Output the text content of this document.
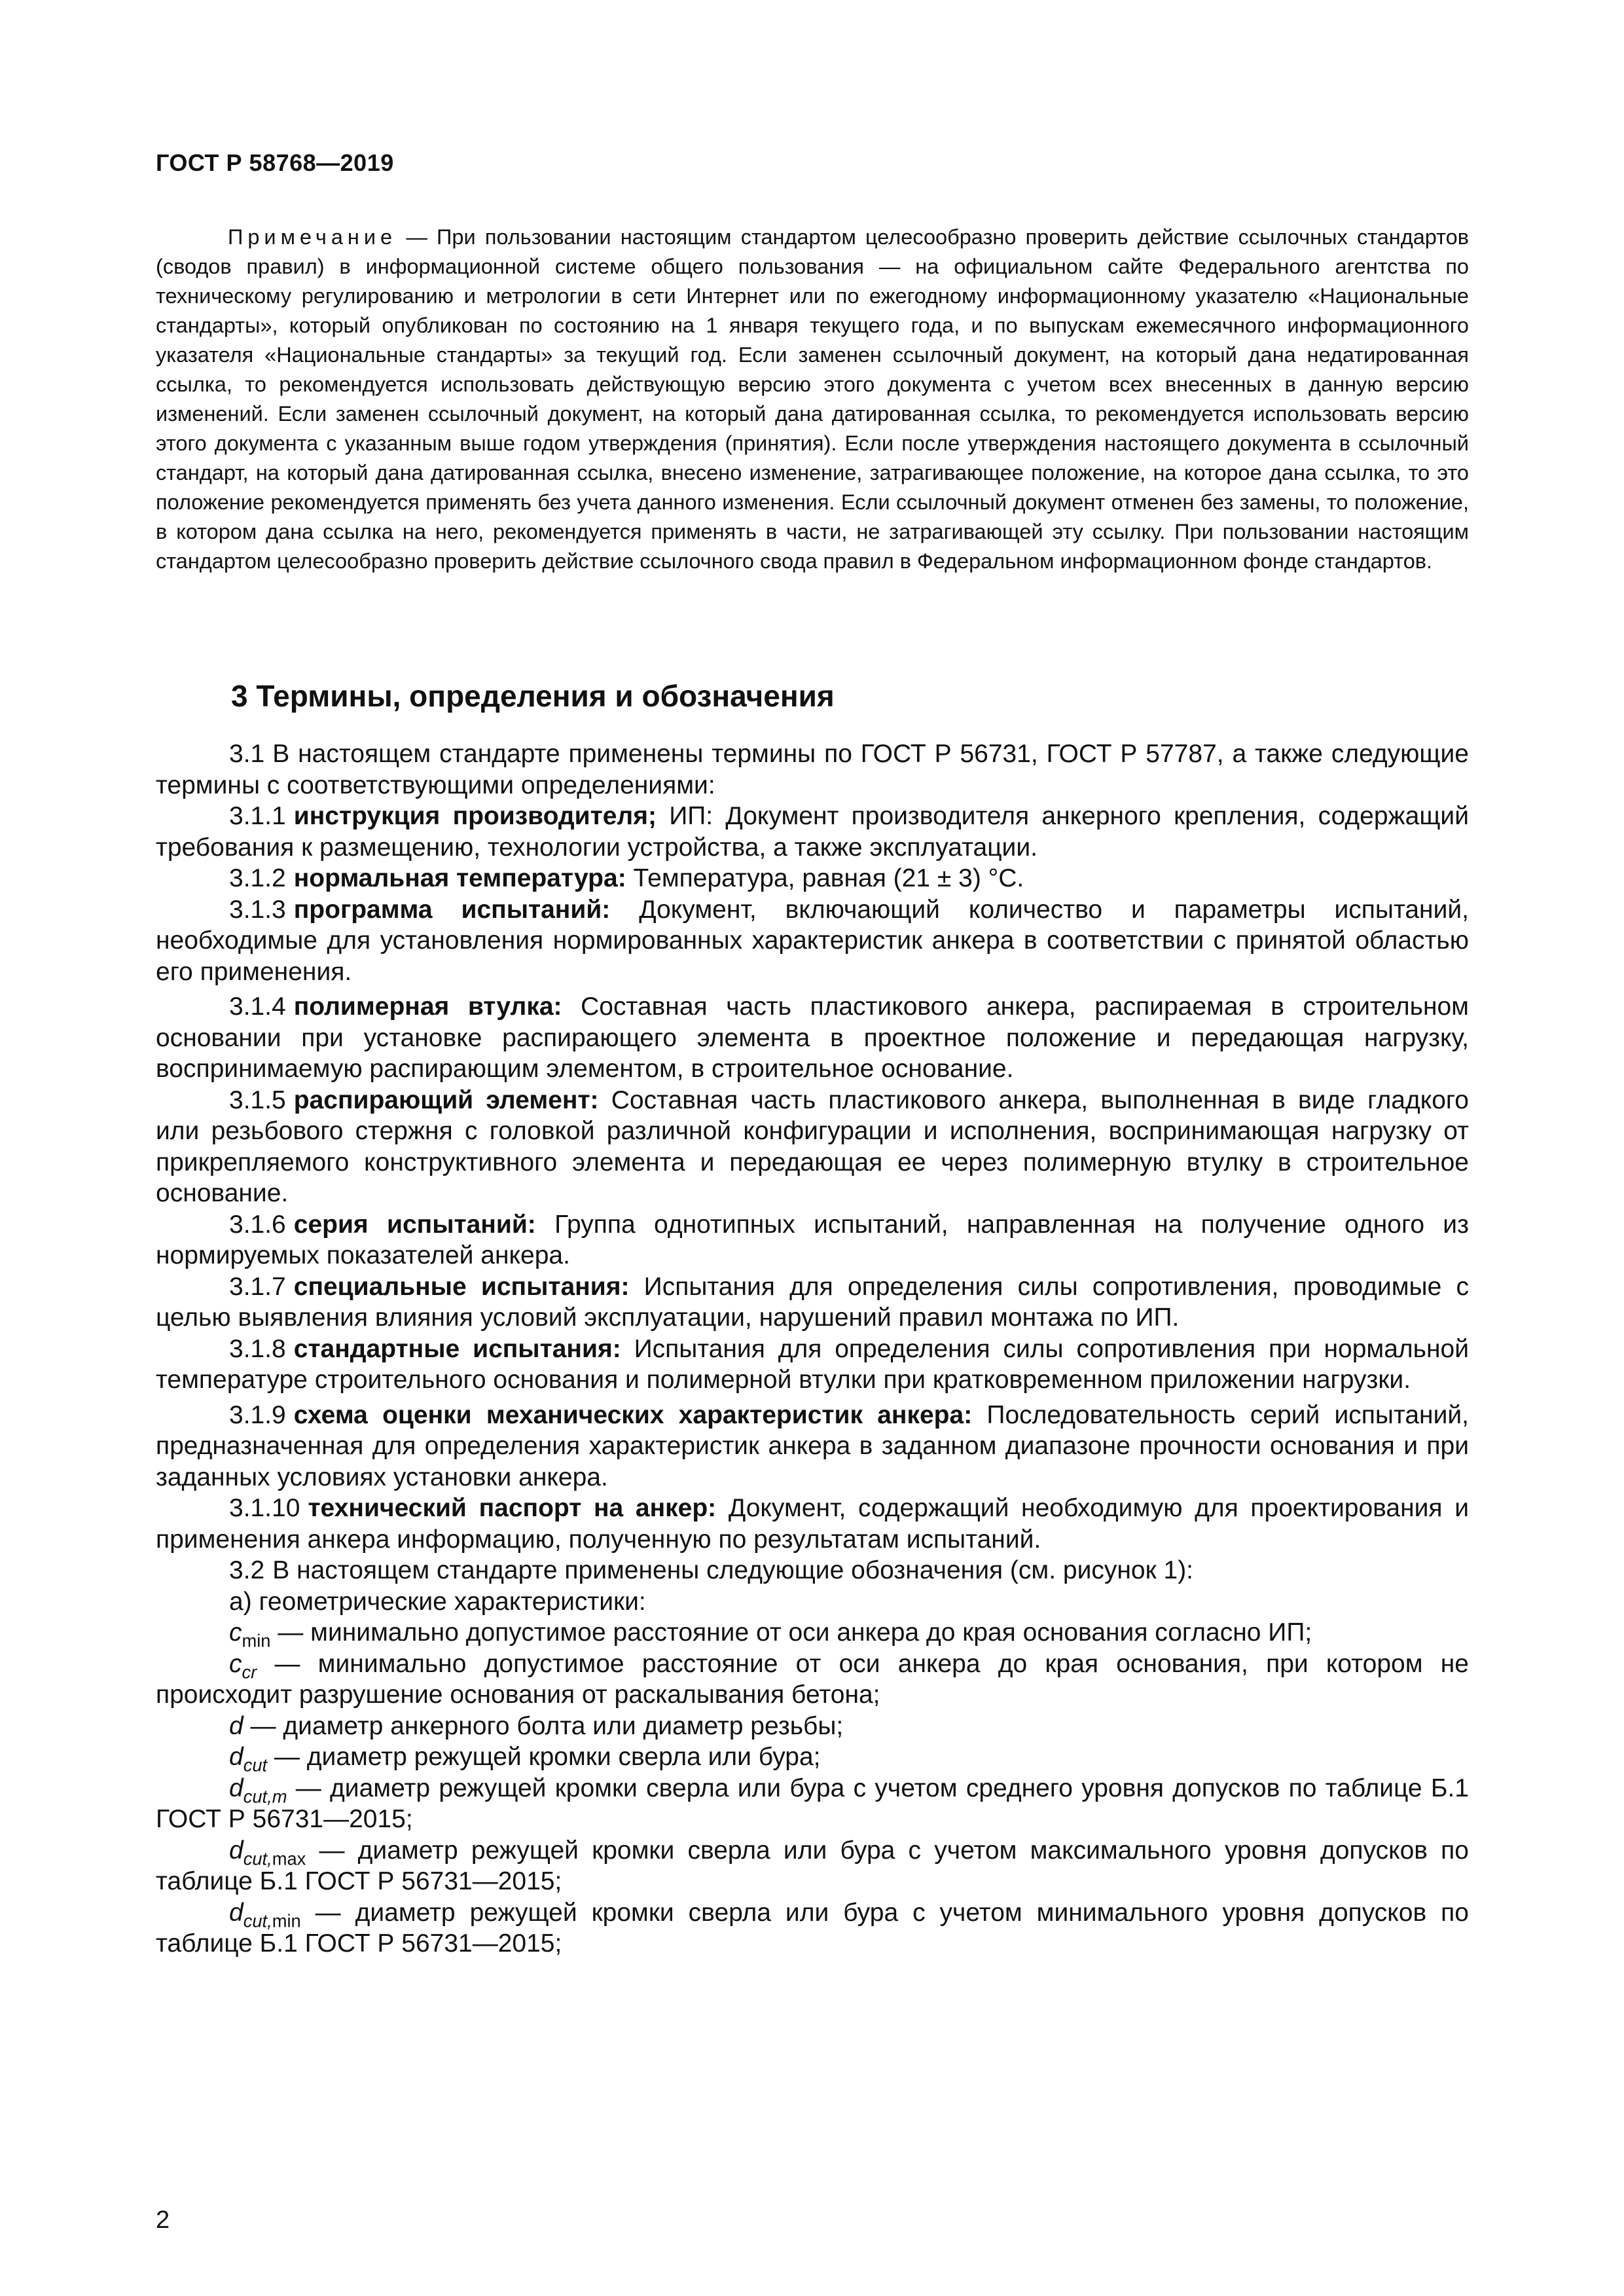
ГОСТ Р 58768—2019

Примечание — При пользовании настоящим стандартом целесообразно проверить действие ссылочных стандартов (сводов правил) в информационной системе общего пользования — на официальном сайте Федерального агентства по техническому регулированию и метрологии в сети Интернет или по ежегодному информационному указателю «Национальные стандарты», который опубликован по состоянию на 1 января текущего года, и по выпускам ежемесячного информационного указателя «Национальные стандарты» за текущий год. Если заменен ссылочный документ, на который дана недатированная ссылка, то рекомендуется использовать действующую версию этого документа с учетом всех внесенных в данную версию изменений. Если заменен ссылочный документ, на который дана датированная ссылка, то рекомендуется использовать версию этого документа с указанным выше годом утверждения (принятия). Если после утверждения настоящего документа в ссылочный стандарт, на который дана датированная ссылка, внесено изменение, затрагивающее положение, на которое дана ссылка, то это положение рекомендуется применять без учета данного изменения. Если ссылочный документ отменен без замены, то положение, в котором дана ссылка на него, рекомендуется применять в части, не затрагивающей эту ссылку. При пользовании настоящим стандартом целесообразно проверить действие ссылочного свода правил в Федеральном информационном фонде стандартов.

3 Термины, определения и обозначения

3.1 В настоящем стандарте применены термины по ГОСТ Р 56731, ГОСТ Р 57787, а также следующие термины с соответствующими определениями:

3.1.1 инструкция производителя; ИП: Документ производителя анкерного крепления, содержащий требования к размещению, технологии устройства, а также эксплуатации.

3.1.2 нормальная температура: Температура, равная (21 ± 3) °С.

3.1.3 программа испытаний: Документ, включающий количество и параметры испытаний, необходимые для установления нормированных характеристик анкера в соответствии с принятой областью его применения.

3.1.4 полимерная втулка: Составная часть пластикового анкера, распираемая в строительном основании при установке распирающего элемента в проектное положение и передающая нагрузку, воспринимаемую распирающим элементом, в строительное основание.

3.1.5 распирающий элемент: Составная часть пластикового анкера, выполненная в виде гладкого или резьбового стержня с головкой различной конфигурации и исполнения, воспринимающая нагрузку от прикрепляемого конструктивного элемента и передающая ее через полимерную втулку в строительное основание.

3.1.6 серия испытаний: Группа однотипных испытаний, направленная на получение одного из нормируемых показателей анкера.

3.1.7 специальные испытания: Испытания для определения силы сопротивления, проводимые с целью выявления влияния условий эксплуатации, нарушений правил монтажа по ИП.

3.1.8 стандартные испытания: Испытания для определения силы сопротивления при нормальной температуре строительного основания и полимерной втулки при кратковременном приложении нагрузки.

3.1.9 схема оценки механических характеристик анкера: Последовательность серий испытаний, предназначенная для определения характеристик анкера в заданном диапазоне прочности основания и при заданных условиях установки анкера.

3.1.10 технический паспорт на анкер: Документ, содержащий необходимую для проектирования и применения анкера информацию, полученную по результатам испытаний.

3.2 В настоящем стандарте применены следующие обозначения (см. рисунок 1):

а) геометрические характеристики:

$c_{min}$ — минимально допустимое расстояние от оси анкера до края основания согласно ИП;

$c_{cr}$ — минимально допустимое расстояние от оси анкера до края основания, при котором не происходит разрушение основания от раскалывания бетона;

d — диаметр анкерного болта или диаметр резьбы;

$d_{cut}$ — диаметр режущей кромки сверла или бура;

$d_{cut,m}$ — диаметр режущей кромки сверла или бура с учетом среднего уровня допусков по таблице Б.1 ГОСТ Р 56731—2015;

$d_{cut,max}$ — диаметр режущей кромки сверла или бура с учетом максимального уровня допусков по таблице Б.1 ГОСТ Р 56731—2015;

$d_{cut,min}$ — диаметр режущей кромки сверла или бура с учетом минимального уровня допусков по таблице Б.1 ГОСТ Р 56731—2015;

2
